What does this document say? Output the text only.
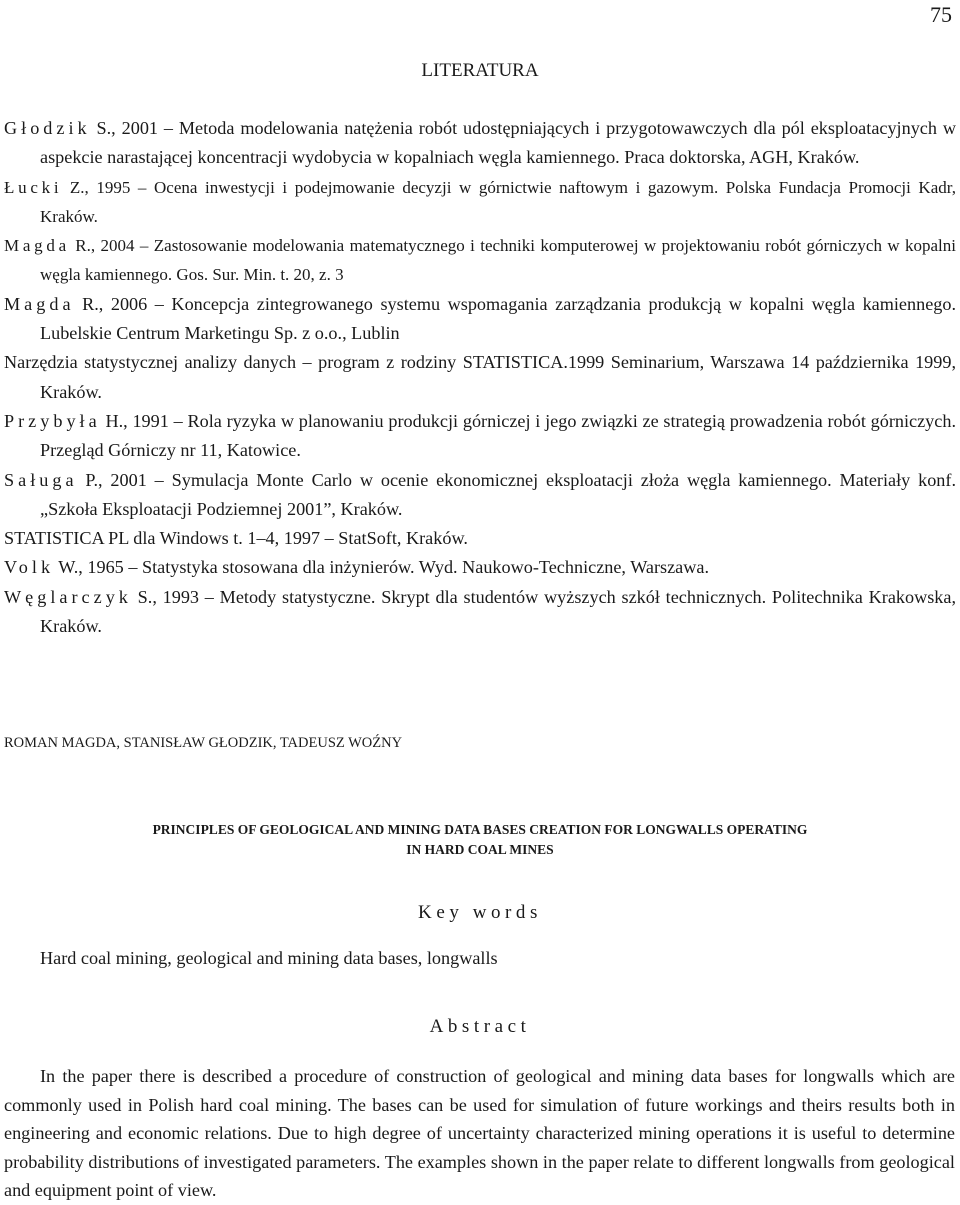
75
LITERATURA
Głodzik S., 2001 – Metoda modelowania natężenia robót udostępniających i przygotowawczych dla pól eksploatacyjnych w aspekcie narastającej koncentracji wydobycia w kopalniach węgla kamiennego. Praca doktorska, AGH, Kraków.
Łucki Z., 1995 – Ocena inwestycji i podejmowanie decyzji w górnictwie naftowym i gazowym. Polska Fundacja Promocji Kadr, Kraków.
Magda R., 2004 – Zastosowanie modelowania matematycznego i techniki komputerowej w projektowaniu robót górniczych w kopalni węgla kamiennego. Gos. Sur. Min. t. 20, z. 3
Magda R., 2006 – Koncepcja zintegrowanego systemu wspomagania zarządzania produkcją w kopalni węgla kamiennego. Lubelskie Centrum Marketingu Sp. z o.o., Lublin
Narzędzia statystycznej analizy danych – program z rodziny STATISTICA.1999 Seminarium, Warszawa 14 października 1999, Kraków.
Przybyła H., 1991 – Rola ryzyka w planowaniu produkcji górniczej i jego związki ze strategią prowadzenia robót górniczych. Przegląd Górniczy nr 11, Katowice.
Saługa P., 2001 – Symulacja Monte Carlo w ocenie ekonomicznej eksploatacji złoża węgla kamiennego. Materiały konf. „Szkoła Eksploatacji Podziemnej 2001”, Kraków.
STATISTICA PL dla Windows t. 1–4, 1997 – StatSoft, Kraków.
Volk W., 1965 – Statystyka stosowana dla inżynierów. Wyd. Naukowo-Techniczne, Warszawa.
Węglarczyk S., 1993 – Metody statystyczne. Skrypt dla studentów wyższych szkół technicznych. Politechnika Krakowska, Kraków.
ROMAN MAGDA, STANISŁAW GŁODZIK, TADEUSZ WOŹNY
PRINCIPLES OF GEOLOGICAL AND MINING DATA BASES CREATION FOR LONGWALLS OPERATING
IN HARD COAL MINES
Key words
Hard coal mining, geological and mining data bases, longwalls
Abstract

In the paper there is described a procedure of construction of geological and mining data bases for longwalls which are commonly used in Polish hard coal mining. The bases can be used for simulation of future workings and theirs results both in engineering and economic relations. Due to high degree of uncertainty characterized mining operations it is useful to determine probability distributions of investigated parameters. The examples shown in the paper relate to different longwalls from geological and equipment point of view.
